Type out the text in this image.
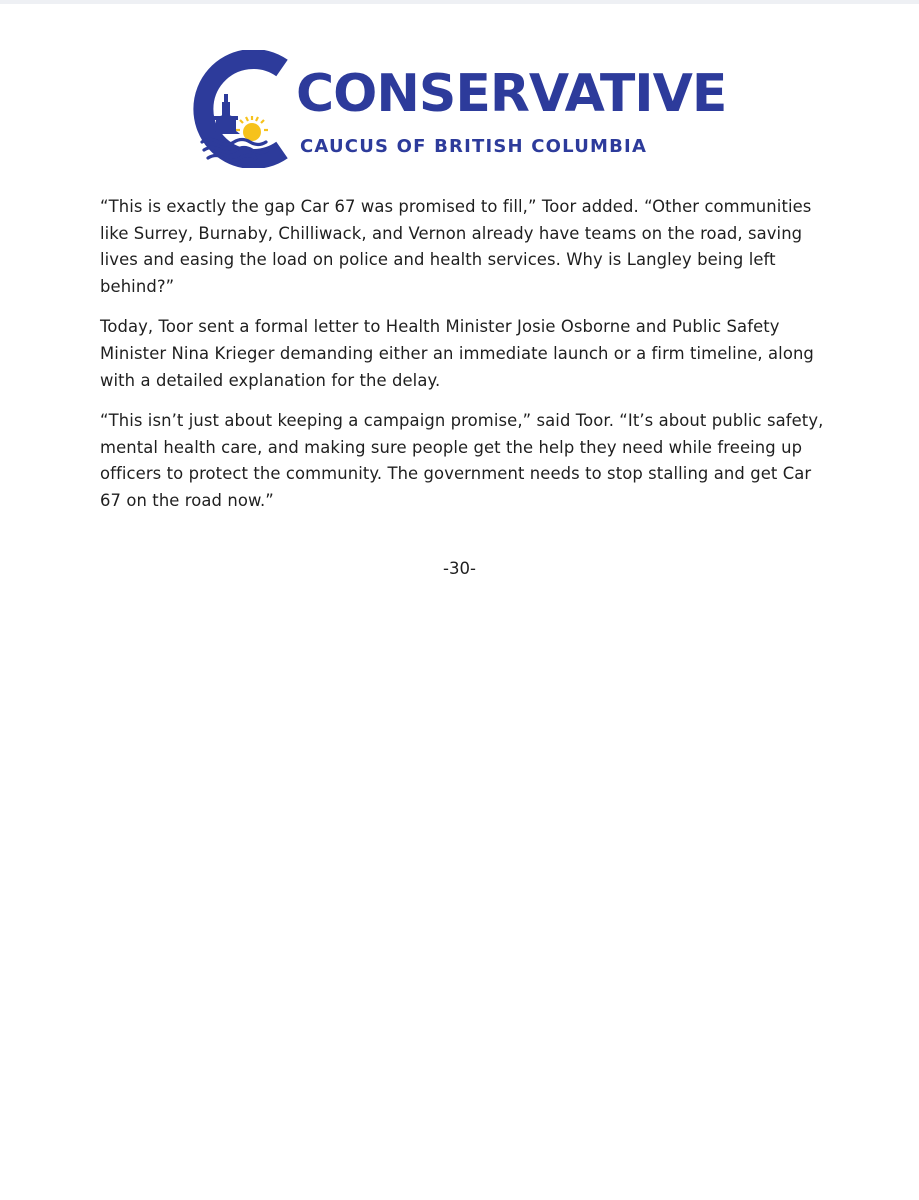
CONSERVATIVE
CAUCUS OF BRITISH COLUMBIA

“This is exactly the gap Car 67 was promised to fill,” Toor added. “Other communities like Surrey, Burnaby, Chilliwack, and Vernon already have teams on the road, saving lives and easing the load on police and health services. Why is Langley being left behind?”

Today, Toor sent a formal letter to Health Minister Josie Osborne and Public Safety Minister Nina Krieger demanding either an immediate launch or a firm timeline, along with a detailed explanation for the delay.

“This isn’t just about keeping a campaign promise,” said Toor. “It’s about public safety, mental health care, and making sure people get the help they need while freeing up officers to protect the community. The government needs to stop stalling and get Car 67 on the road now.”

-30-
